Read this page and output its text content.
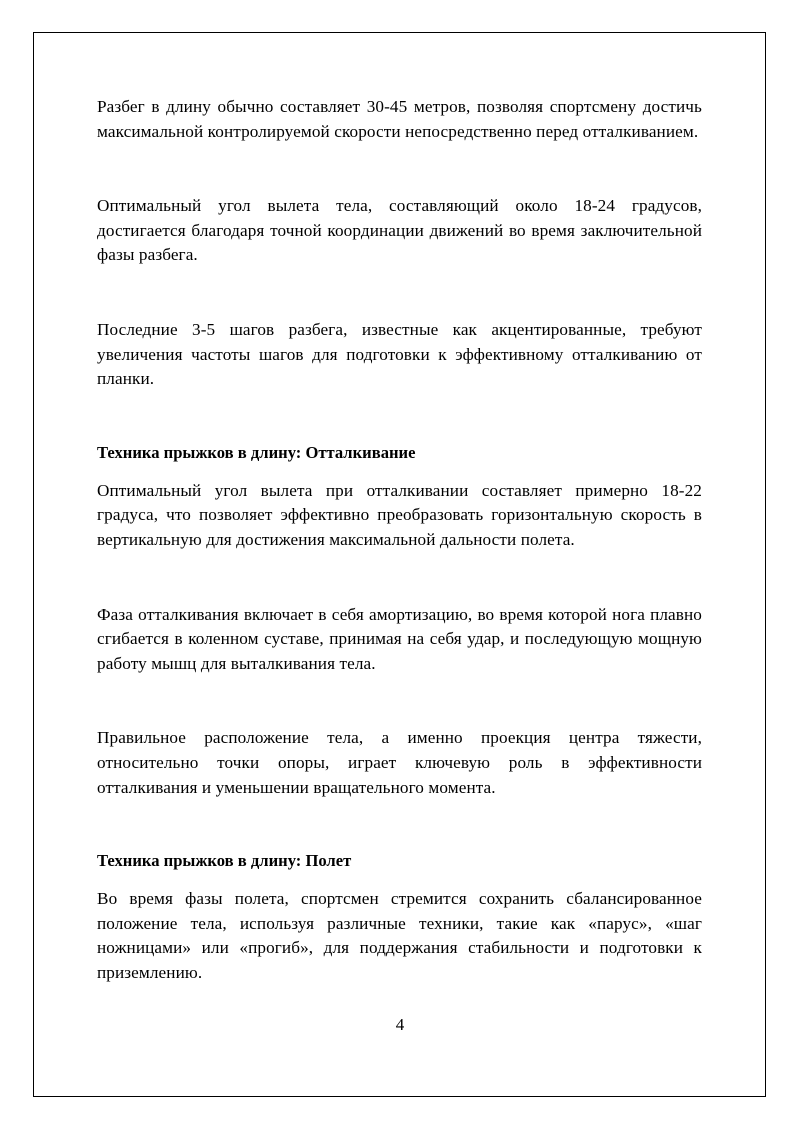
Разбег в длину обычно составляет 30-45 метров, позволяя спортсмену достичь максимальной контролируемой скорости непосредственно перед отталкиванием.

Оптимальный угол вылета тела, составляющий около 18-24 градусов, достигается благодаря точной координации движений во время заключительной фазы разбега.

Последние 3-5 шагов разбега, известные как акцентированные, требуют увеличения частоты шагов для подготовки к эффективному отталкиванию от планки.

Техника прыжков в длину: Отталкивание

Оптимальный угол вылета при отталкивании составляет примерно 18-22 градуса, что позволяет эффективно преобразовать горизонтальную скорость в вертикальную для достижения максимальной дальности полета.

Фаза отталкивания включает в себя амортизацию, во время которой нога плавно сгибается в коленном суставе, принимая на себя удар, и последующую мощную работу мышц для выталкивания тела.

Правильное расположение тела, а именно проекция центра тяжести, относительно точки опоры, играет ключевую роль в эффективности отталкивания и уменьшении вращательного момента.

Техника прыжков в длину: Полет

Во время фазы полета, спортсмен стремится сохранить сбалансированное положение тела, используя различные техники, такие как «парус», «шаг ножницами» или «прогиб», для поддержания стабильности и подготовки к приземлению.

4
